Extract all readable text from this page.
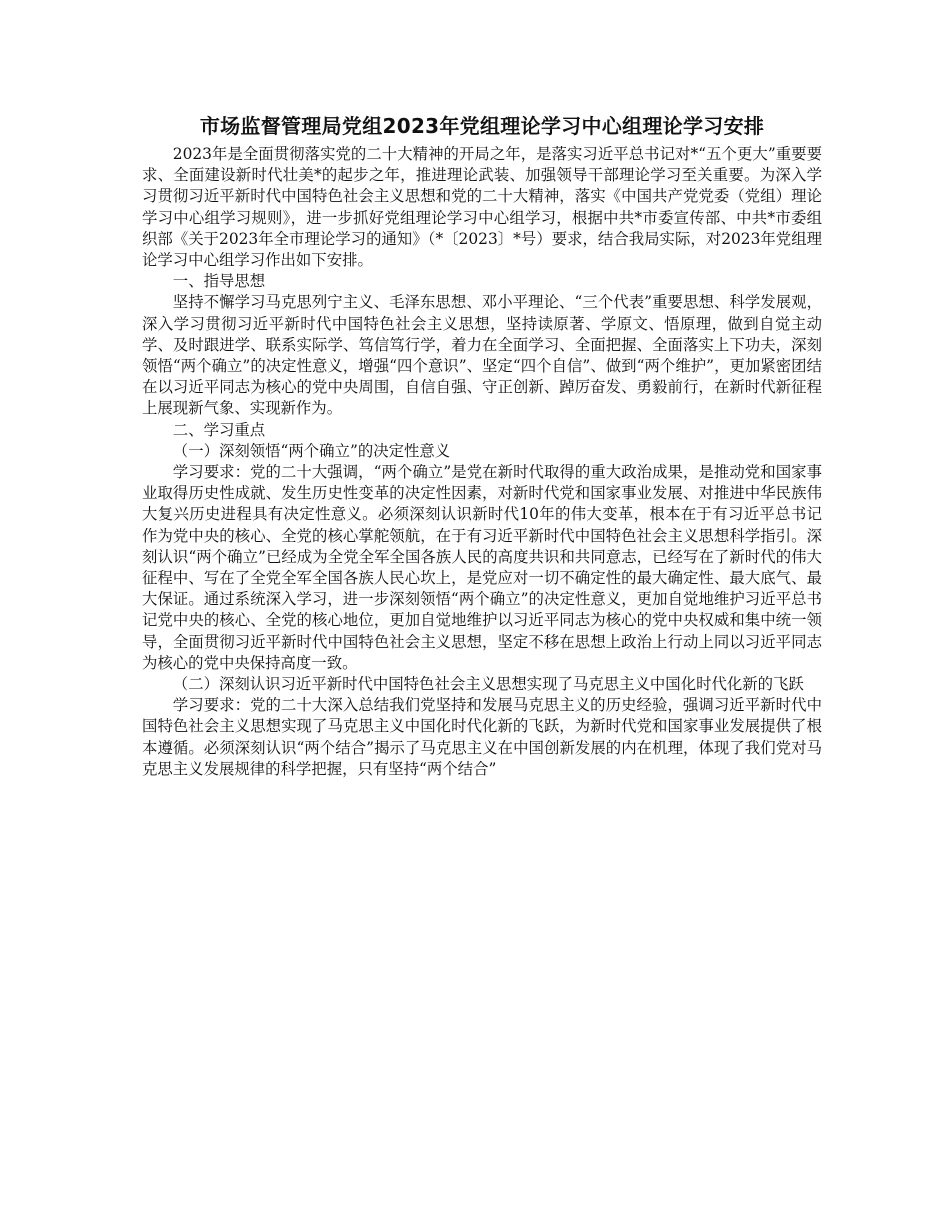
市场监督管理局党组2023年党组理论学习中心组理论学习安排

2023年是全面贯彻落实党的二十大精神的开局之年，是落实习近平总书记对*“五个更大”重要要求、全面建设新时代壮美*的起步之年，推进理论武装、加强领导干部理论学习至关重要。为深入学习贯彻习近平新时代中国特色社会主义思想和党的二十大精神，落实《中国共产党党委（党组）理论学习中心组学习规则》，进一步抓好党组理论学习中心组学习，根据中共*市委宣传部、中共*市委组织部《关于2023年全市理论学习的通知》（*〔2023〕*号）要求，结合我局实际，对2023年党组理论学习中心组学习作出如下安排。

一、指导思想

坚持不懈学习马克思列宁主义、毛泽东思想、邓小平理论、“三个代表”重要思想、科学发展观，深入学习贯彻习近平新时代中国特色社会主义思想，坚持读原著、学原文、悟原理，做到自觉主动学、及时跟进学、联系实际学、笃信笃行学，着力在全面学习、全面把握、全面落实上下功夫，深刻领悟“两个确立”的决定性意义，增强“四个意识”、坚定“四个自信”、做到“两个维护”，更加紧密团结在以习近平同志为核心的党中央周围，自信自强、守正创新、踔厉奋发、勇毅前行，在新时代新征程上展现新气象、实现新作为。

二、学习重点

（一）深刻领悟“两个确立”的决定性意义

学习要求：党的二十大强调，“两个确立”是党在新时代取得的重大政治成果，是推动党和国家事业取得历史性成就、发生历史性变革的决定性因素，对新时代党和国家事业发展、对推进中华民族伟大复兴历史进程具有决定性意义。必须深刻认识新时代10年的伟大变革，根本在于有习近平总书记作为党中央的核心、全党的核心掌舵领航，在于有习近平新时代中国特色社会主义思想科学指引。深刻认识“两个确立”已经成为全党全军全国各族人民的高度共识和共同意志，已经写在了新时代的伟大征程中、写在了全党全军全国各族人民心坎上，是党应对一切不确定性的最大确定性、最大底气、最大保证。通过系统深入学习，进一步深刻领悟“两个确立”的决定性意义，更加自觉地维护习近平总书记党中央的核心、全党的核心地位，更加自觉地维护以习近平同志为核心的党中央权威和集中统一领导，全面贯彻习近平新时代中国特色社会主义思想，坚定不移在思想上政治上行动上同以习近平同志为核心的党中央保持高度一致。

（二）深刻认识习近平新时代中国特色社会主义思想实现了马克思主义中国化时代化新的飞跃

学习要求：党的二十大深入总结我们党坚持和发展马克思主义的历史经验，强调习近平新时代中国特色社会主义思想实现了马克思主义中国化时代化新的飞跃，为新时代党和国家事业发展提供了根本遵循。必须深刻认识“两个结合”揭示了马克思主义在中国创新发展的内在机理，体现了我们党对马克思主义发展规律的科学把握，只有坚持“两个结合”
